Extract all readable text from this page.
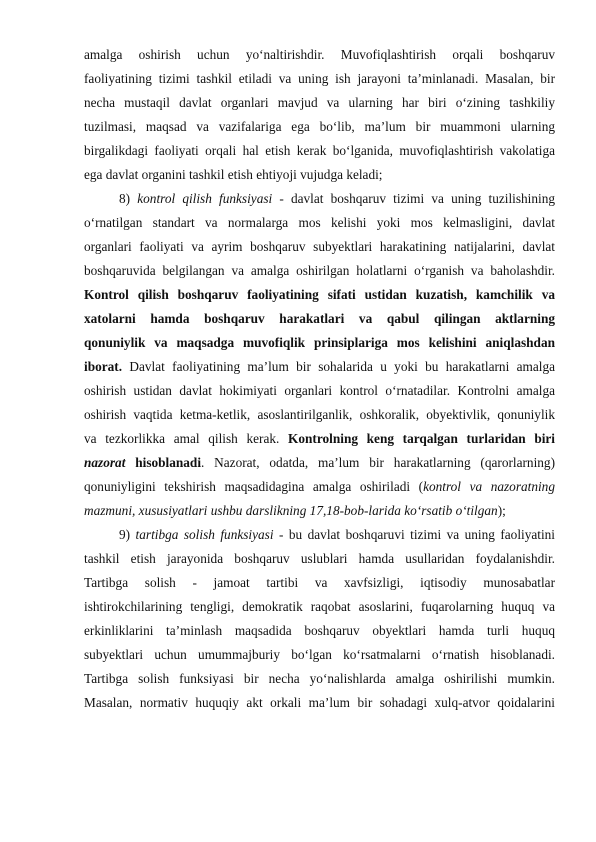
amalga oshirish uchun yo‘naltirishdir. Muvofiqlashtirish orqali boshqaruv
faoliyatining tizimi tashkil etiladi va uning ish jarayoni ta’minlanadi. Masalan, bir
necha mustaqil davlat organlari mavjud va ularning har biri o‘zining tashkiliy
tuzilmasi, maqsad va vazifalariga ega bo‘lib, ma’lum bir muammoni ularning
birgalikdagi faoliyati orqali hal etish kerak bo‘lganida, muvofiqlashtirish vakolatiga
ega davlat organini tashkil etish ehtiyoji vujudga keladi;
8) kontrol qilish funksiyasi - davlat boshqaruv tizimi va uning tuzilishining
o‘rnatilgan standart va normalarga mos kelishi yoki mos kelmasligini, davlat
organlari faoliyati va ayrim boshqaruv subyektlari harakatining natijalarini, davlat
boshqaruvida belgilangan va amalga oshirilgan holatlarni o‘rganish va baholashdir.
Kontrol qilish boshqaruv faoliyatining sifati ustidan kuzatish, kamchilik va
xatolarni hamda boshqaruv harakatlari va qabul qilingan aktlarning
qonuniylik va maqsadga muvofiqlik prinsiplariga mos kelishini aniqlashdan
iborat. Davlat faoliyatining ma’lum bir sohalarida u yoki bu harakatlarni amalga
oshirish ustidan davlat hokimiyati organlari kontrol o‘rnatadilar. Kontrolni amalga
oshirish vaqtida ketma-ketlik, asoslantirilganlik, oshkoralik, obyektivlik, qonuniylik
va tezkorlikka amal qilish kerak. Kontrolning keng tarqalgan turlaridan biri
nazorat hisoblanadi. Nazorat, odatda, ma’lum bir harakatlarning (qarorlarning)
qonuniyligini tekshirish maqsadidagina amalga oshiriladi (kontrol va nazoratning
mazmuni, xususiyatlari ushbu darslikning 17,18-bob-larida ko‘rsatib o‘tilgan);
9) tartibga solish funksiyasi - bu davlat boshqaruvi tizimi va uning faoliyatini
tashkil etish jarayonida boshqaruv uslublari hamda usullaridan foydalanishdir.
Tartibga solish - jamoat tartibi va xavfsizligi, iqtisodiy munosabatlar
ishtirokchilarining tengligi, demokratik raqobat asoslarini, fuqarolarning huquq va
erkinliklarini ta’minlash maqsadida boshqaruv obyektlari hamda turli huquq
subyektlari uchun umummajburiy bo‘lgan ko‘rsatmalarni o‘rnatish hisoblanadi.
Tartibga solish funksiyasi bir necha yo‘nalishlarda amalga oshirilishi mumkin.
Masalan, normativ huquqiy akt orkali ma’lum bir sohadagi xulq-atvor qoidalarini
